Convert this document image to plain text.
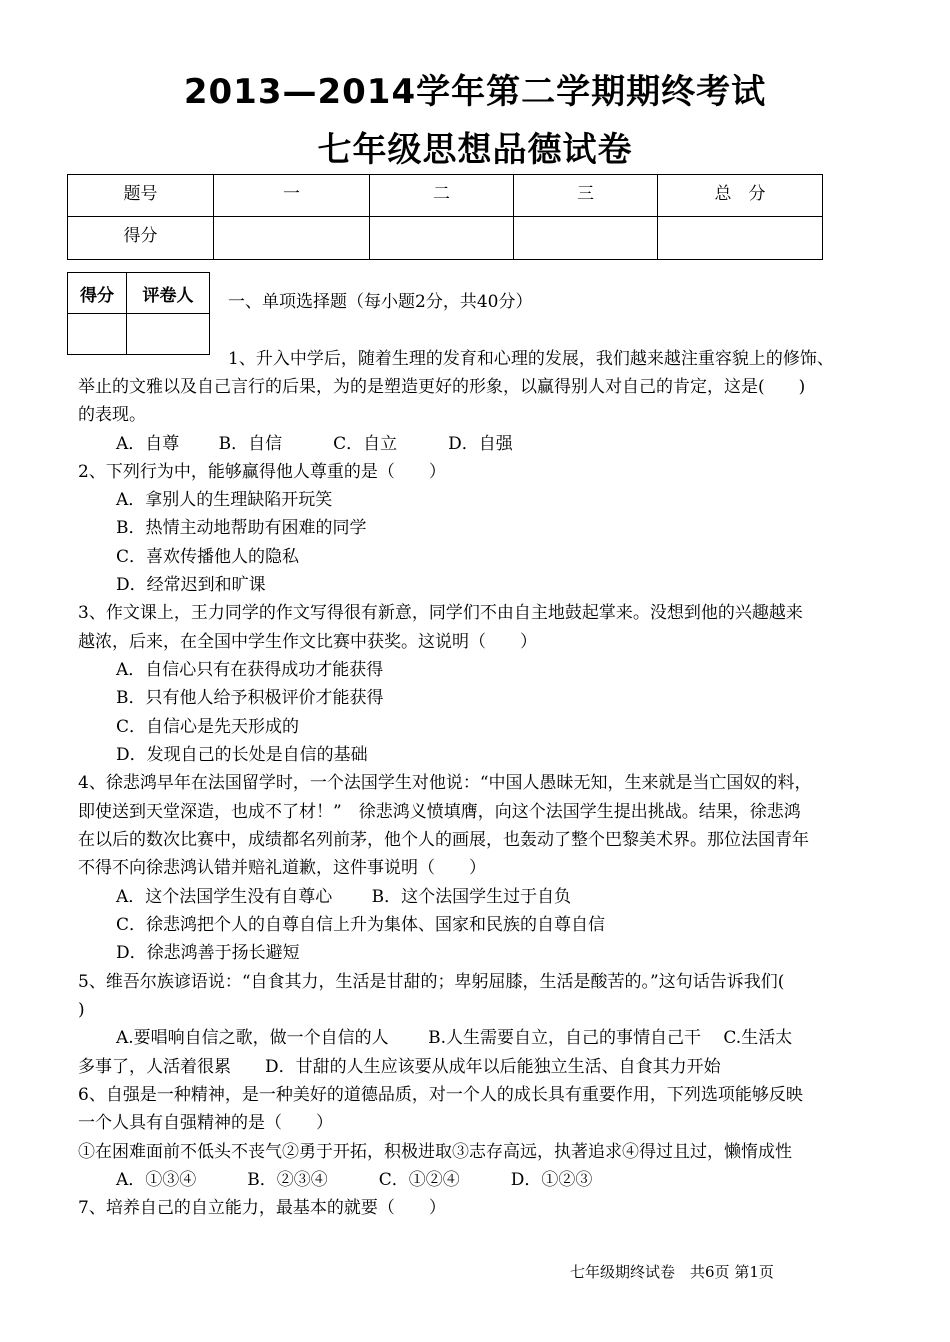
2013—2014学年第二学期期终考试
七年级思想品德试卷
题号	一	二	三	总　分
得分				
得分	评卷人
	一、单项选择题（每小题2分，共40分）
1、升入中学后，随着生理的发育和心理的发展，我们越来越注重容貌上的修饰、
举止的文雅以及自己言行的后果，为的是塑造更好的形象，以赢得别人对自己的肯定，这是(　　)
的表现。
A．自尊　　 B．自信　　　C．自立　　　D．自强
2、下列行为中，能够赢得他人尊重的是（　　）
A．拿别人的生理缺陷开玩笑
B．热情主动地帮助有困难的同学
C．喜欢传播他人的隐私
D．经常迟到和旷课
3、作文课上，王力同学的作文写得很有新意，同学们不由自主地鼓起掌来。没想到他的兴趣越来
越浓，后来，在全国中学生作文比赛中获奖。这说明（　　）
A．自信心只有在获得成功才能获得
B．只有他人给予积极评价才能获得
C．自信心是先天形成的
D．发现自己的长处是自信的基础
4、徐悲鸿早年在法国留学时，一个法国学生对他说：“中国人愚昧无知，生来就是当亡国奴的料，
即使送到天堂深造，也成不了材！”　徐悲鸿义愤填膺，向这个法国学生提出挑战。结果，徐悲鸿
在以后的数次比赛中，成绩都名列前茅，他个人的画展，也轰动了整个巴黎美术界。那位法国青年
不得不向徐悲鸿认错并赔礼道歉，这件事说明（　　）
A．这个法国学生没有自尊心　　 B．这个法国学生过于自负
C．徐悲鸿把个人的自尊自信上升为集体、国家和民族的自尊自信
D．徐悲鸿善于扬长避短
5、维吾尔族谚语说：“自食其力，生活是甘甜的；卑躬屈膝，生活是酸苦的。”这句话告诉我们(
)
A.要唱响自信之歌，做一个自信的人　　 B.人生需要自立，自己的事情自己干　 C.生活太
多事了，人活着很累　　D．甘甜的人生应该要从成年以后能独立生活、自食其力开始
6、自强是一种精神，是一种美好的道德品质，对一个人的成长具有重要作用，下列选项能够反映
一个人具有自强精神的是（　　）
①在困难面前不低头不丧气②勇于开拓，积极进取③志存高远，执著追求④得过且过，懒惰成性
A．①③④　　　B．②③④　　　C．①②④　　　D．①②③
7、培养自己的自立能力，最基本的就要（　　）
七年级期终试卷　共6页 第1页
